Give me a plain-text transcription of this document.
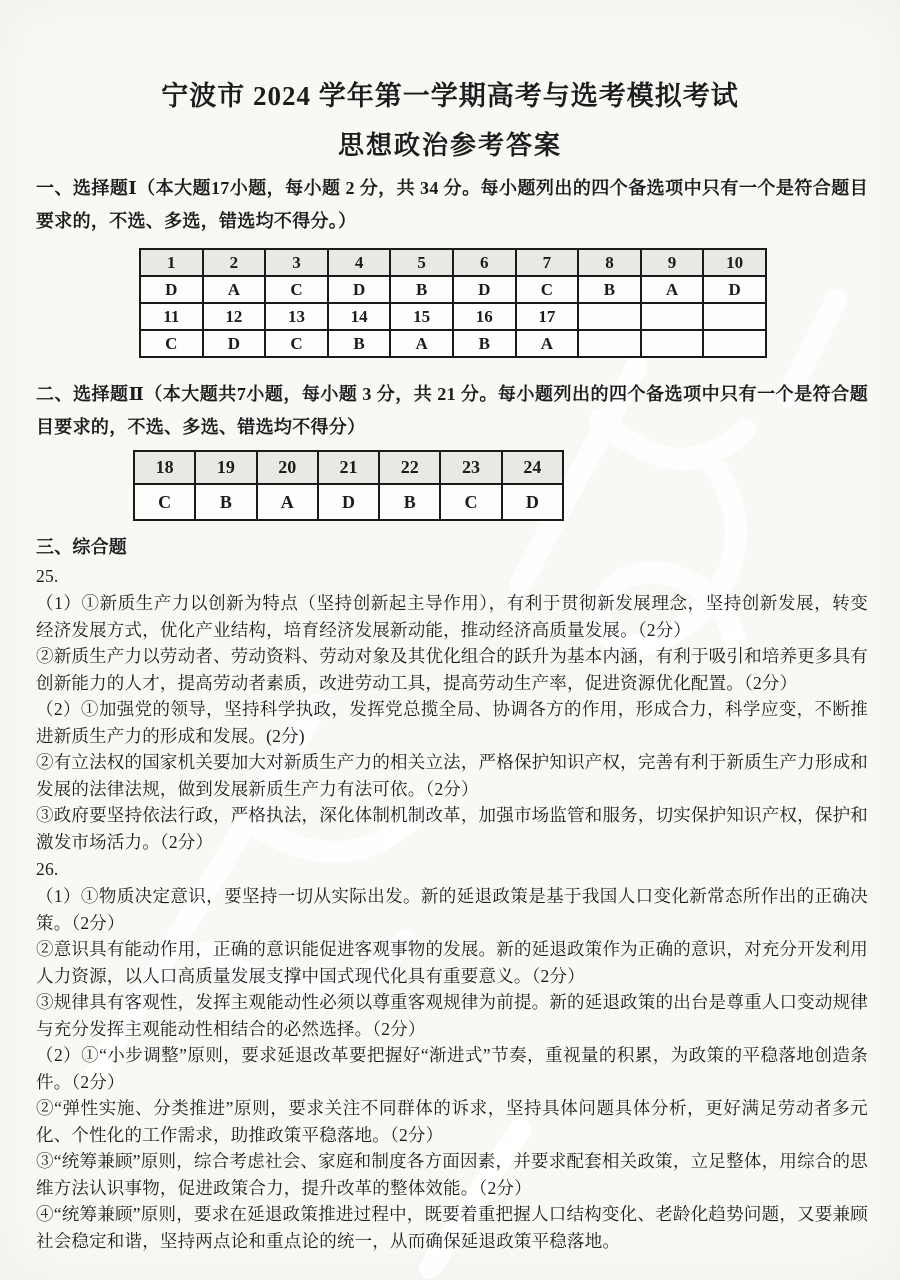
宁波市 2024 学年第一学期高考与选考模拟考试
思想政治参考答案

一、选择题Ⅰ（本大题17小题，每小题 2 分，共 34 分。每小题列出的四个备选项中只有一个是符合题目要求的，不选、多选，错选均不得分。）

1	2	3	4	5	6	7	8	9	10
D	A	C	D	B	D	C	B	A	D
11	12	13	14	15	16	17			
C	D	C	B	A	B	A			

二、选择题Ⅱ（本大题共7小题，每小题 3 分，共 21 分。每小题列出的四个备选项中只有一个是符合题目要求的，不选、多选、错选均不得分）

18	19	20	21	22	23	24
C	B	A	D	B	C	D

三、综合题

25.

（1）①新质生产力以创新为特点（坚持创新起主导作用），有利于贯彻新发展理念，坚持创新发展，转变经济发展方式，优化产业结构，培育经济发展新动能，推动经济高质量发展。（2分）

②新质生产力以劳动者、劳动资料、劳动对象及其优化组合的跃升为基本内涵，有利于吸引和培养更多具有创新能力的人才，提高劳动者素质，改进劳动工具，提高劳动生产率，促进资源优化配置。（2分）

（2）①加强党的领导，坚持科学执政，发挥党总揽全局、协调各方的作用，形成合力，科学应变，不断推进新质生产力的形成和发展。(2分)

②有立法权的国家机关要加大对新质生产力的相关立法，严格保护知识产权，完善有利于新质生产力形成和发展的法律法规，做到发展新质生产力有法可依。（2分）

③政府要坚持依法行政，严格执法，深化体制机制改革，加强市场监管和服务，切实保护知识产权，保护和激发市场活力。（2分）

26.

（1）①物质决定意识，要坚持一切从实际出发。新的延退政策是基于我国人口变化新常态所作出的正确决策。（2分）

②意识具有能动作用，正确的意识能促进客观事物的发展。新的延退政策作为正确的意识，对充分开发利用人力资源，以人口高质量发展支撑中国式现代化具有重要意义。（2分）

③规律具有客观性，发挥主观能动性必须以尊重客观规律为前提。新的延退政策的出台是尊重人口变动规律与充分发挥主观能动性相结合的必然选择。（2分）

（2）①“小步调整”原则，要求延退改革要把握好“渐进式”节奏，重视量的积累，为政策的平稳落地创造条件。（2分）

②“弹性实施、分类推进”原则，要求关注不同群体的诉求，坚持具体问题具体分析，更好满足劳动者多元化、个性化的工作需求，助推政策平稳落地。（2分）

③“统筹兼顾”原则，综合考虑社会、家庭和制度各方面因素，并要求配套相关政策，立足整体，用综合的思维方法认识事物，促进政策合力，提升改革的整体效能。（2分）

④“统筹兼顾”原则，要求在延退政策推进过程中，既要着重把握人口结构变化、老龄化趋势问题，又要兼顾社会稳定和谐，坚持两点论和重点论的统一，从而确保延退政策平稳落地。
